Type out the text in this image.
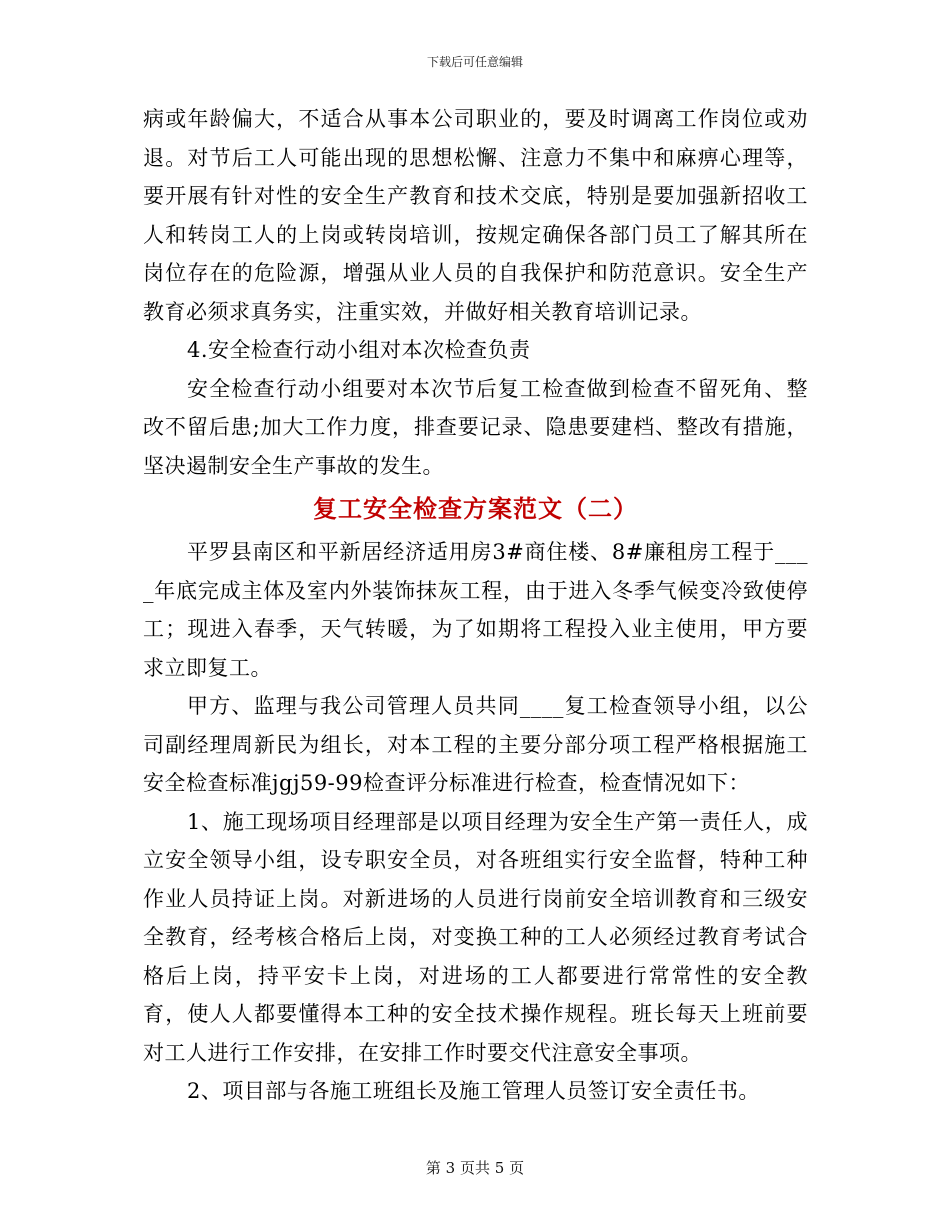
下载后可任意编辑

病或年龄偏大，不适合从事本公司职业的，要及时调离工作岗位或劝退。对节后工人可能出现的思想松懈、注意力不集中和麻痹心理等，要开展有针对性的安全生产教育和技术交底，特别是要加强新招收工人和转岗工人的上岗或转岗培训，按规定确保各部门员工了解其所在岗位存在的危险源，增强从业人员的自我保护和防范意识。安全生产教育必须求真务实，注重实效，并做好相关教育培训记录。

4.安全检查行动小组对本次检查负责

安全检查行动小组要对本次节后复工检查做到检查不留死角、整改不留后患;加大工作力度，排查要记录、隐患要建档、整改有措施，坚决遏制安全生产事故的发生。

复工安全检查方案范文（二）

平罗县南区和平新居经济适用房3#商住楼、8#廉租房工程于____年底完成主体及室内外装饰抹灰工程，由于进入冬季气候变冷致使停工；现进入春季，天气转暖，为了如期将工程投入业主使用，甲方要求立即复工。

甲方、监理与我公司管理人员共同____复工检查领导小组，以公司副经理周新民为组长，对本工程的主要分部分项工程严格根据施工安全检查标准jgj59-99检查评分标准进行检查，检查情况如下：

1、施工现场项目经理部是以项目经理为安全生产第一责任人，成立安全领导小组，设专职安全员，对各班组实行安全监督，特种工种作业人员持证上岗。对新进场的人员进行岗前安全培训教育和三级安全教育，经考核合格后上岗，对变换工种的工人必须经过教育考试合格后上岗，持平安卡上岗，对进场的工人都要进行常常性的安全教育，使人人都要懂得本工种的安全技术操作规程。班长每天上班前要对工人进行工作安排，在安排工作时要交代注意安全事项。

2、项目部与各施工班组长及施工管理人员签订安全责任书。

第 3 页共 5 页
